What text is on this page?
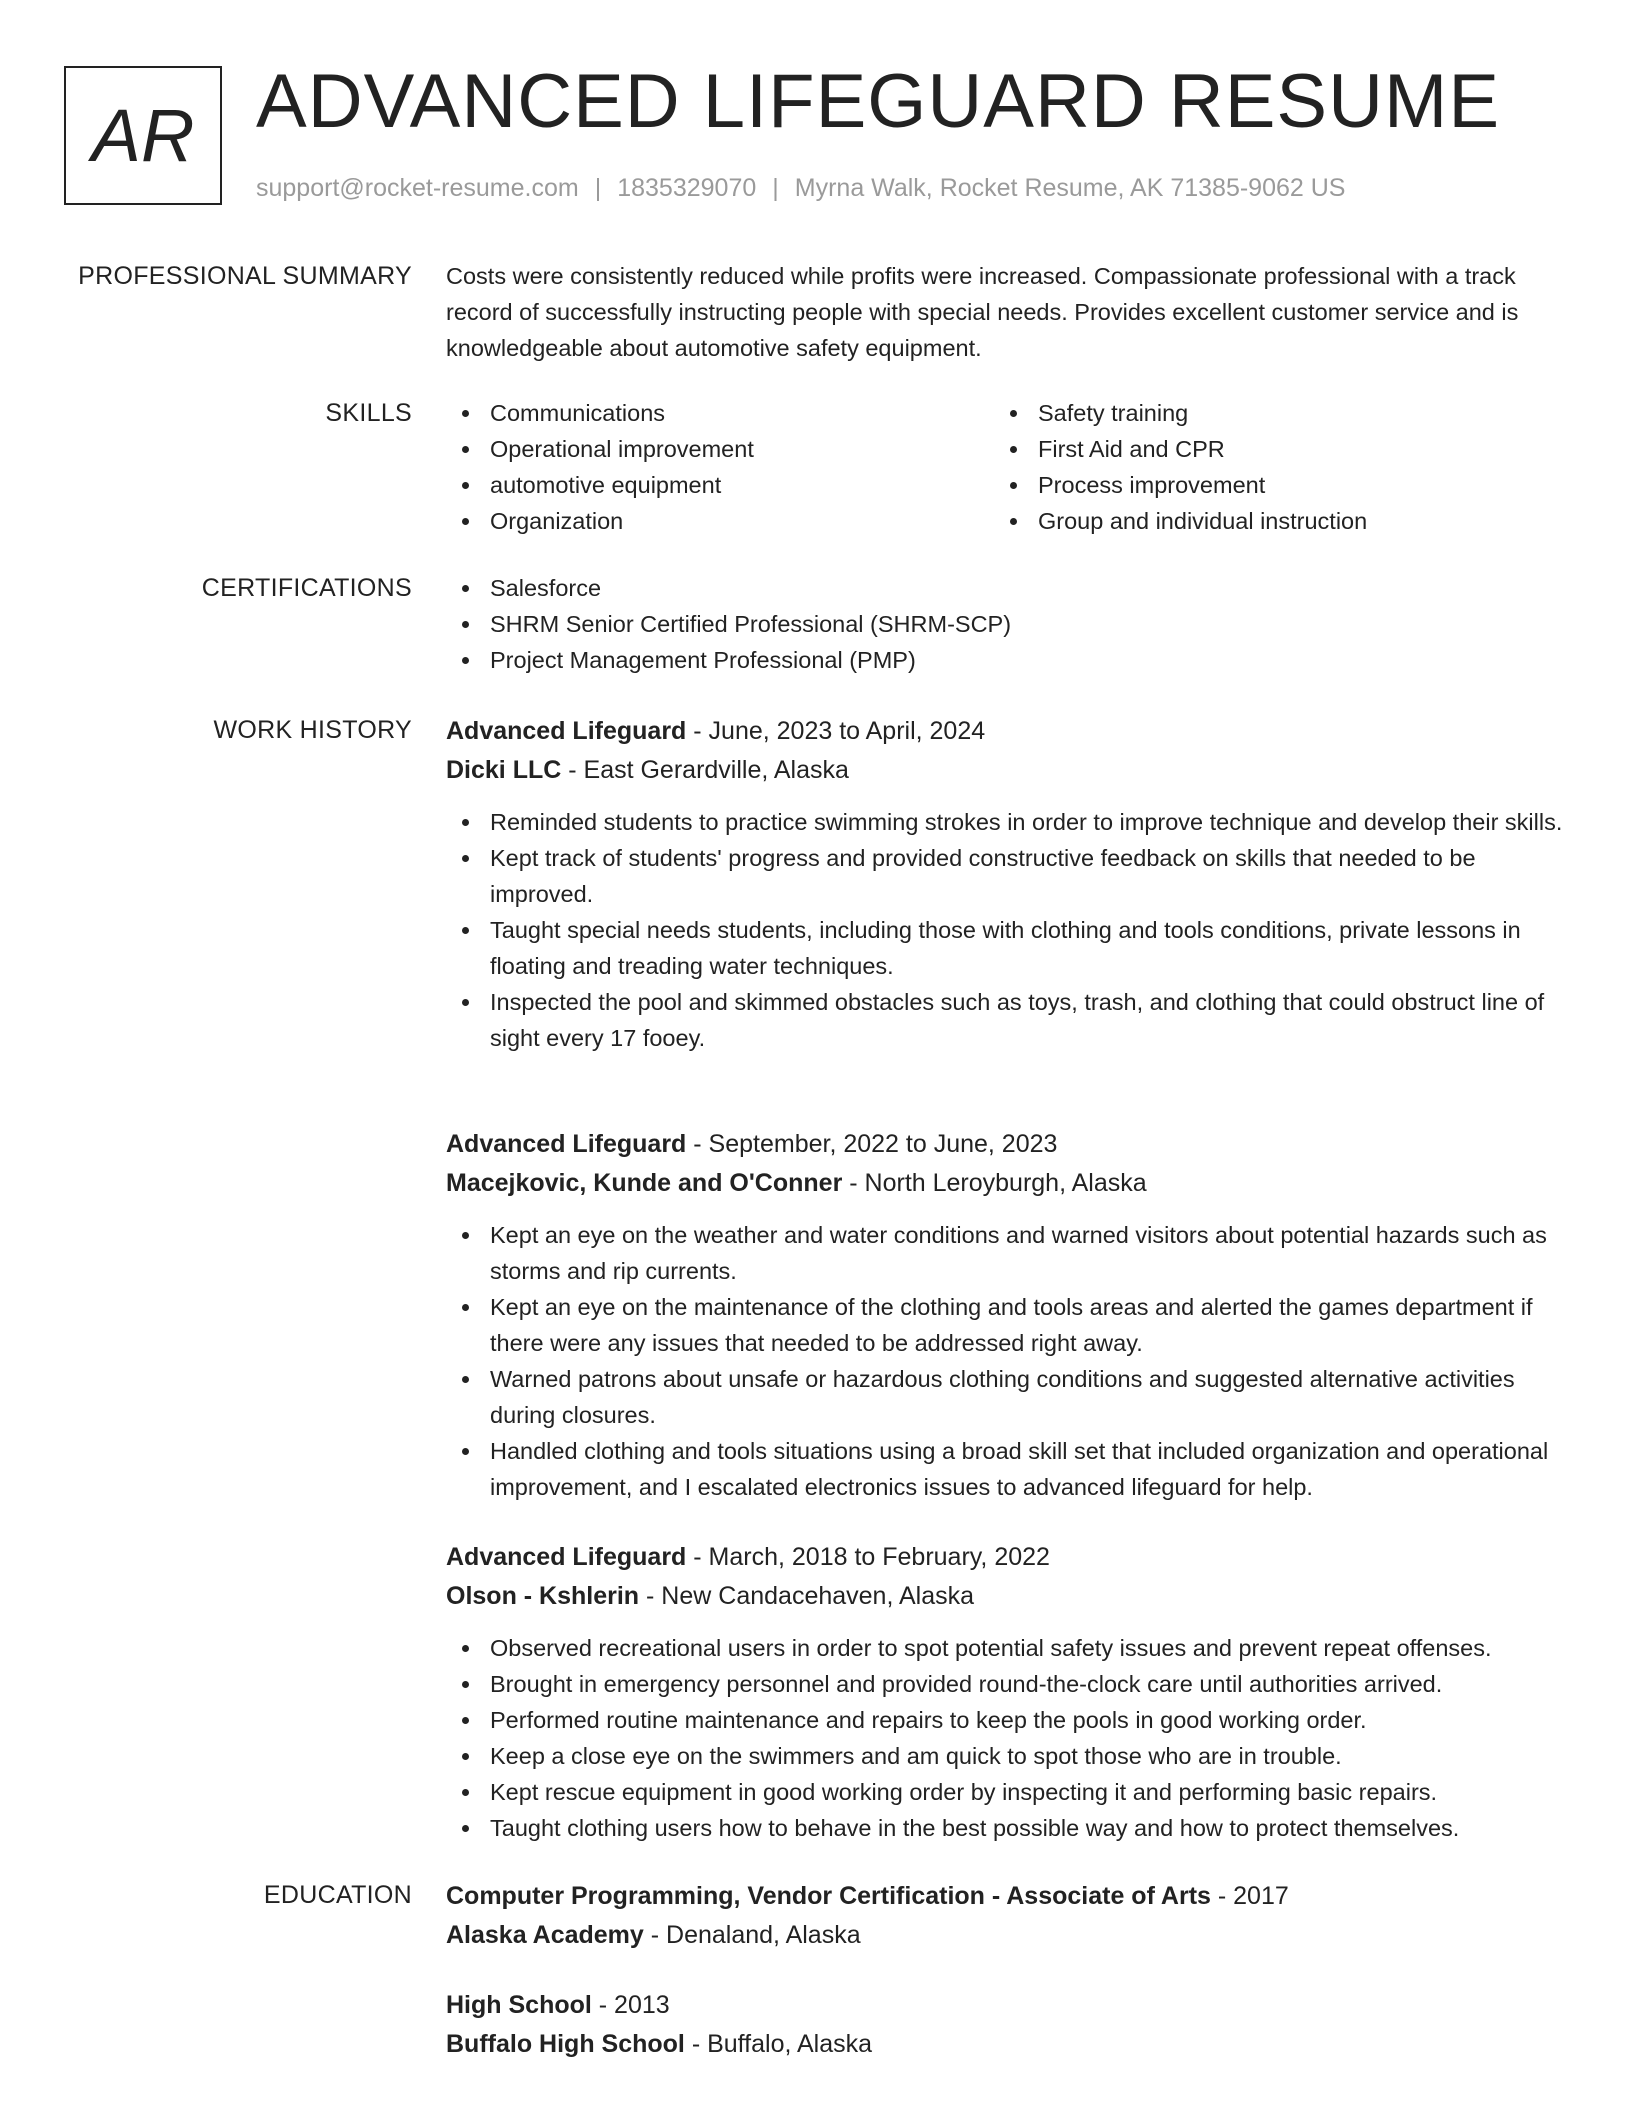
AR ADVANCED LIFEGUARD RESUME
support@rocket-resume.com | 1835329070 | Myrna Walk, Rocket Resume, AK 71385-9062 US
PROFESSIONAL SUMMARY Costs were consistently reduced while profits were increased. Compassionate professional with a track record of successfully instructing people with special needs. Provides excellent customer service and is knowledgeable about automotive safety equipment.

SKILLS	Communications
Operational improvement
automotive equipment
Organization
Safety training
First Aid and CPR
Process improvement
Group and individual instruction
CERTIFICATIONS	Salesforce
SHRM Senior Certified Professional (SHRM-SCP)
Project Management Professional (PMP)
WORK HISTORY Advanced Lifeguard - June, 2023 to April, 2024
Dicki LLC - East Gerardville, Alaska
Reminded students to practice swimming strokes in order to improve technique and develop their skills.
Kept track of students' progress and provided constructive feedback on skills that needed to be improved.
Taught special needs students, including those with clothing and tools conditions, private lessons in floating and treading water techniques.
Inspected the pool and skimmed obstacles such as toys, trash, and clothing that could obstruct line of sight every 17 fooey.
Advanced Lifeguard - September, 2022 to June, 2023
Macejkovic, Kunde and O'Conner - North Leroyburgh, Alaska
Kept an eye on the weather and water conditions and warned visitors about potential hazards such as storms and rip currents.
Kept an eye on the maintenance of the clothing and tools areas and alerted the games department if there were any issues that needed to be addressed right away.
Warned patrons about unsafe or hazardous clothing conditions and suggested alternative activities during closures.
Handled clothing and tools situations using a broad skill set that included organization and operational improvement, and I escalated electronics issues to advanced lifeguard for help.
Advanced Lifeguard - March, 2018 to February, 2022
Olson - Kshlerin - New Candacehaven, Alaska
Observed recreational users in order to spot potential safety issues and prevent repeat offenses.
Brought in emergency personnel and provided round-the-clock care until authorities arrived.
Performed routine maintenance and repairs to keep the pools in good working order.
Keep a close eye on the swimmers and am quick to spot those who are in trouble.
Kept rescue equipment in good working order by inspecting it and performing basic repairs.
Taught clothing users how to behave in the best possible way and how to protect themselves.
EDUCATION Computer Programming, Vendor Certification - Associate of Arts - 2017
Alaska Academy - Denaland, Alaska
High School - 2013
Buffalo High School - Buffalo, Alaska
